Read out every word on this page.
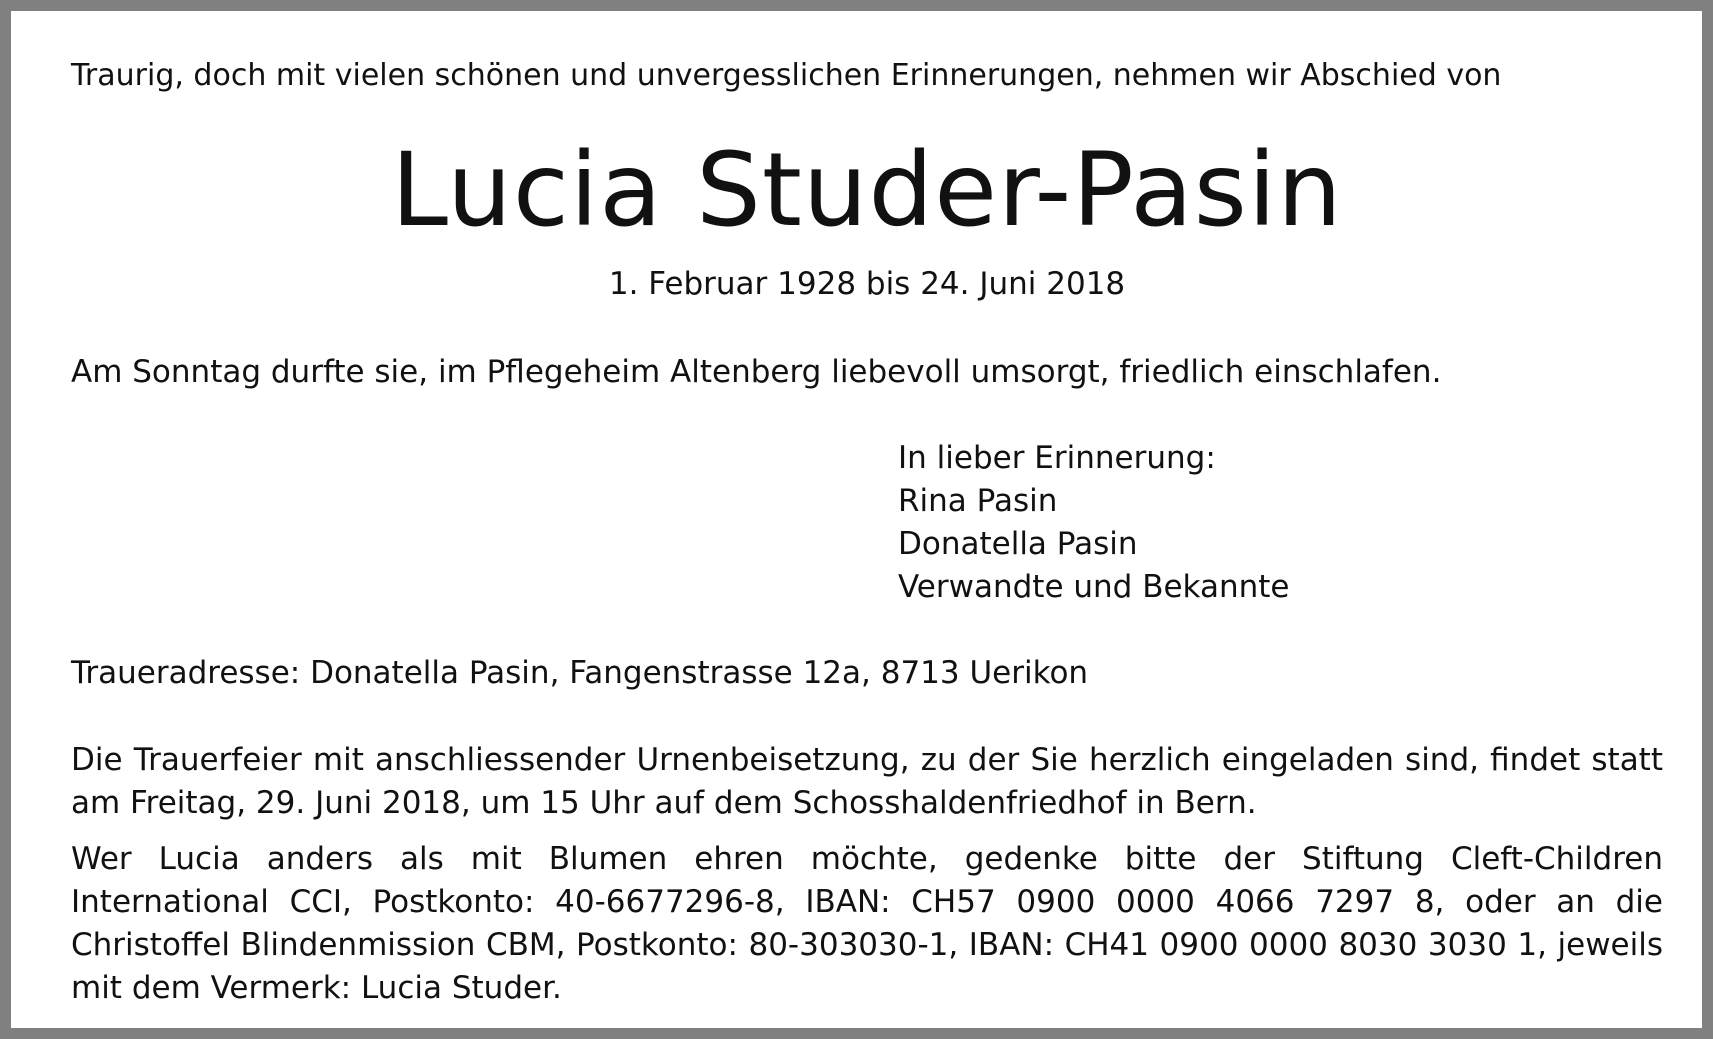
Traurig, doch mit vielen schönen und unvergesslichen Erinnerungen, nehmen wir Abschied von
Lucia Studer-Pasin
1. Februar 1928 bis 24. Juni 2018
Am Sonntag durfte sie, im Pflegeheim Altenberg liebevoll umsorgt, friedlich einschlafen.
In lieber Erinnerung:
Rina Pasin
Donatella Pasin
Verwandte und Bekannte
Traueradresse: Donatella Pasin, Fangenstrasse 12a, 8713 Uerikon
Die Trauerfeier mit anschliessender Urnenbeisetzung, zu der Sie herzlich eingeladen sind, findet statt am Freitag, 29. Juni 2018, um 15 Uhr auf dem Schosshaldenfriedhof in Bern.
Wer Lucia anders als mit Blumen ehren möchte, gedenke bitte der Stiftung Cleft-Children International CCI, Postkonto: 40-6677296-8, IBAN: CH57 0900 0000 4066 7297 8, oder an die Christoffel Blindenmission CBM, Postkonto: 80-303030-1, IBAN: CH41 0900 0000 8030 3030 1, jeweils mit dem Vermerk: Lucia Studer.
